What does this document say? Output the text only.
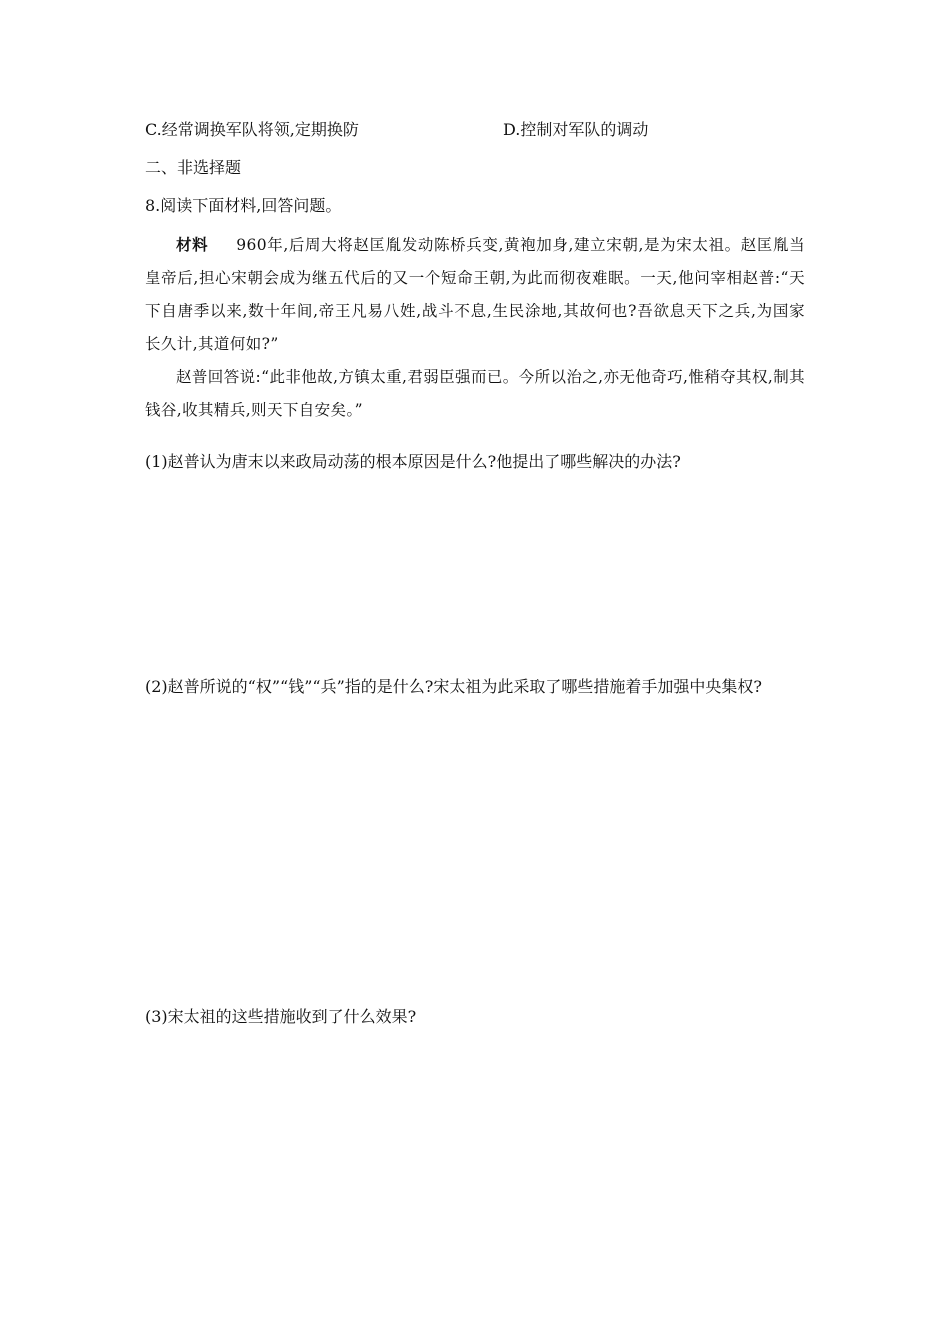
C.经常调换军队将领,定期换防	D.控制对军队的调动
二、非选择题
8.阅读下面材料,回答问题。

材料 960年,后周大将赵匡胤发动陈桥兵变,黄袍加身,建立宋朝,是为宋太祖。赵匡胤当皇帝后,担心宋朝会成为继五代后的又一个短命王朝,为此而彻夜难眠。一天,他问宰相赵普:“天下自唐季以来,数十年间,帝王凡易八姓,战斗不息,生民涂地,其故何也?吾欲息天下之兵,为国家长久计,其道何如?”

赵普回答说:“此非他故,方镇太重,君弱臣强而已。今所以治之,亦无他奇巧,惟稍夺其权,制其钱谷,收其精兵,则天下自安矣。”

(1)赵普认为唐末以来政局动荡的根本原因是什么?他提出了哪些解决的办法?
(2)赵普所说的“权”“钱”“兵”指的是什么?宋太祖为此采取了哪些措施着手加强中央集权?
(3)宋太祖的这些措施收到了什么效果?
